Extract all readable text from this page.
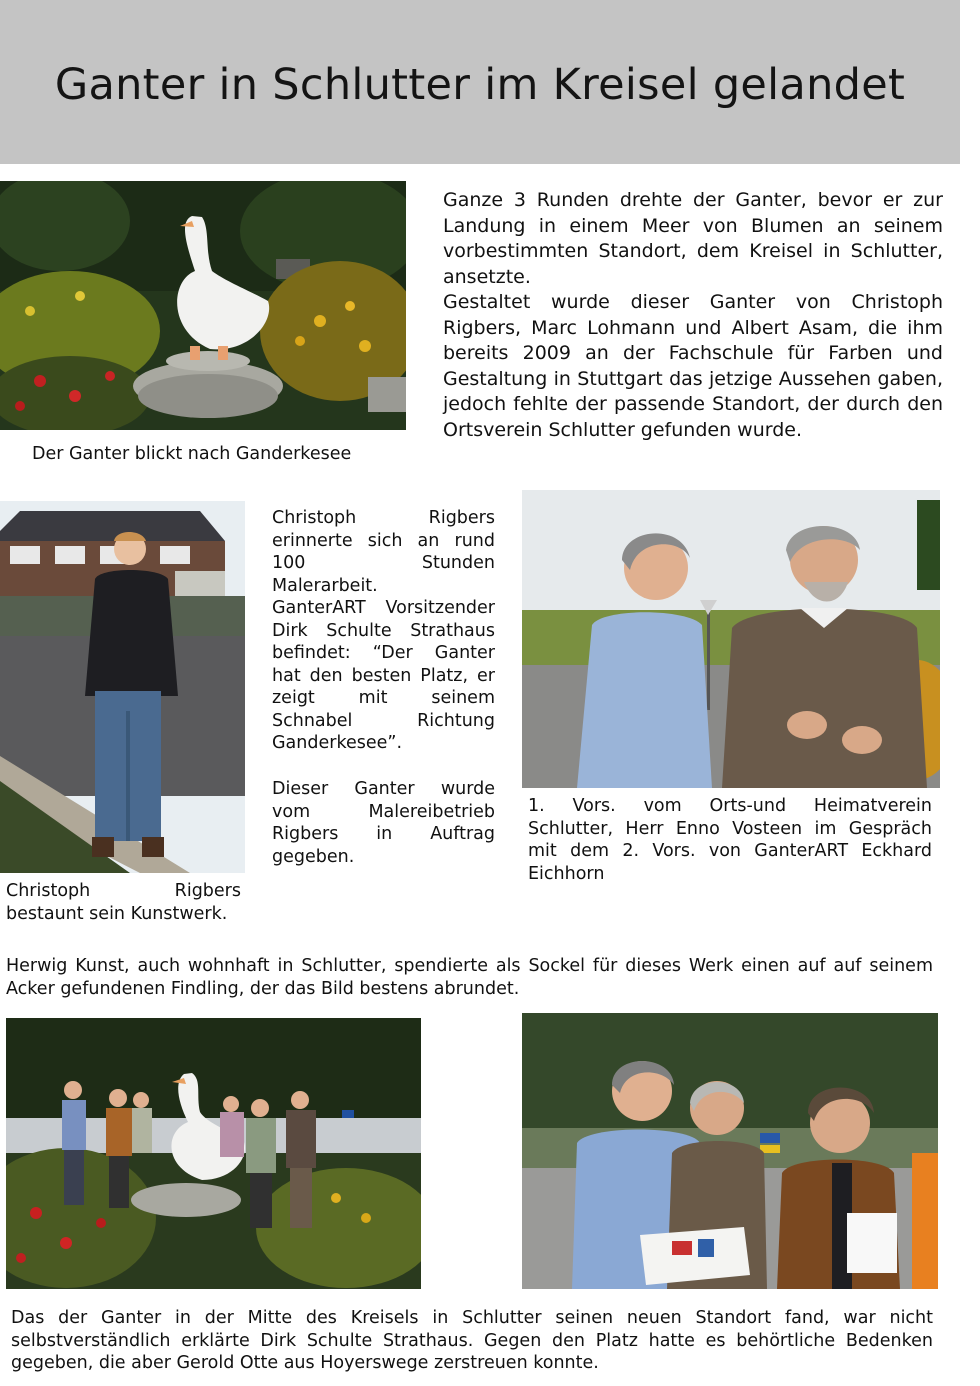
Ganter in Schlutter im Kreisel gelandet

Der Ganter blickt nach Ganderkesee

Ganze 3 Runden drehte der Ganter, bevor er zur Landung in einem Meer von Blumen an seinem vorbestimmten Standort, dem Kreisel in Schlutter, ansetzte.

Gestaltet wurde dieser Ganter von Christoph Rigbers, Marc Lohmann und Albert Asam, die ihm bereits 2009 an der Fachschule für Farben und Gestaltung in Stuttgart das jetzige Aussehen gaben, jedoch fehlte der passende Standort, der durch den Ortsverein Schlutter gefunden wurde.

Christoph Rigbers bestaunt sein Kunstwerk.

Christoph Rigbers erinnerte sich an rund 100 Stunden Malerarbeit.

GanterART Vorsitzender Dirk Schulte Strathaus befindet: “Der Ganter hat den besten Platz, er zeigt mit seinem Schnabel Richtung Ganderkesee”.

Dieser Ganter wurde vom Malereibetrieb Rigbers in Auftrag gegeben.

1. Vors. vom Orts-und Heimatverein Schlutter, Herr Enno Vosteen im Gespräch mit dem 2. Vors. von GanterART Eckhard Eichhorn

Herwig Kunst, auch wohnhaft in Schlutter, spendierte als Sockel für dieses Werk einen auf auf seinem Acker gefundenen Findling, der das Bild bestens abrundet.

Das der Ganter in der Mitte des Kreisels in Schlutter seinen neuen Standort fand, war nicht selbstverständlich erklärte Dirk Schulte Strathaus. Gegen den Platz hatte es behörtliche Bedenken gegeben, die aber Gerold Otte aus Hoyerswege zerstreuen konnte.
